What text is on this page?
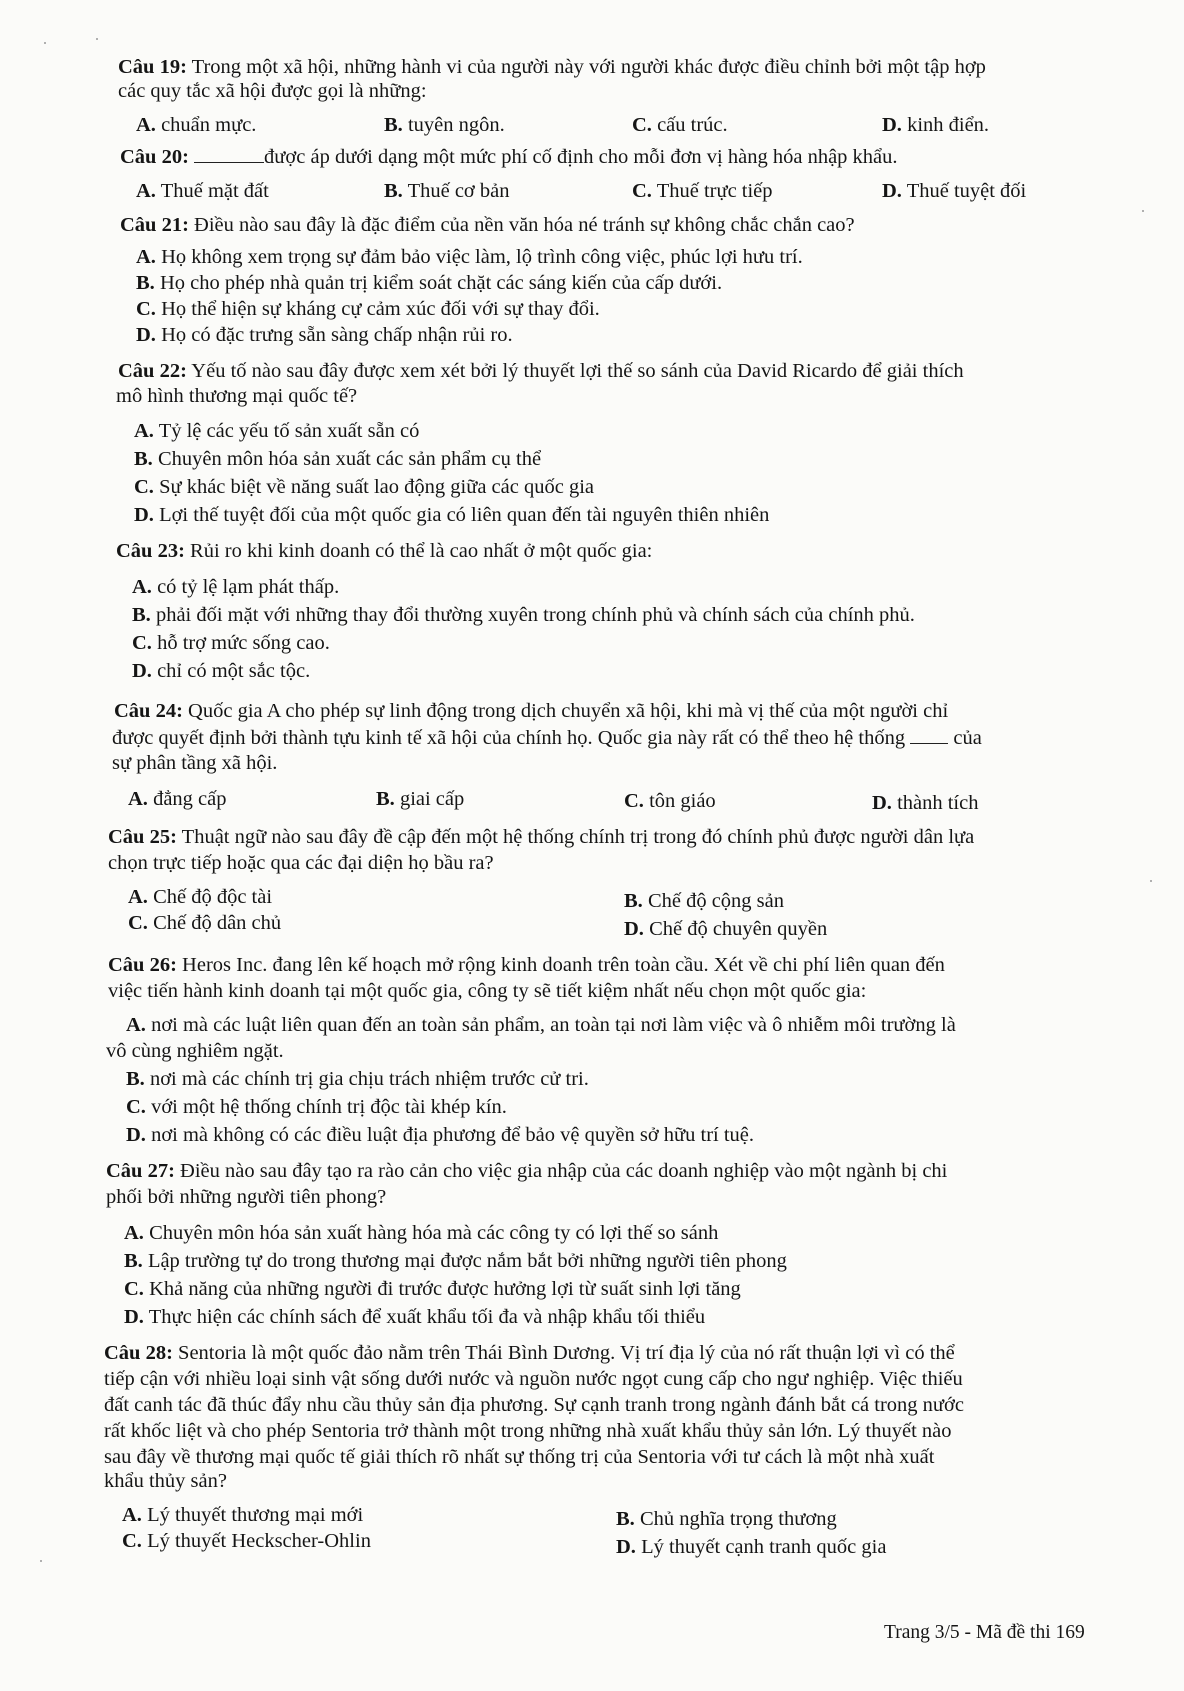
Câu 19: Trong một xã hội, những hành vi của người này với người khác được điều chỉnh bởi một tập hợp
các quy tắc xã hội được gọi là những:
A. chuẩn mực.	B. tuyên ngôn.	C. cấu trúc.	D. kinh điển.
Câu 20:	được áp dưới dạng một mức phí cố định cho mỗi đơn vị hàng hóa nhập khẩu.
A. Thuế mặt đất	B. Thuế cơ bản	C. Thuế trực tiếp	D. Thuế tuyệt đối
Câu 21: Điều nào sau đây là đặc điểm của nền văn hóa né tránh sự không chắc chắn cao?
A. Họ không xem trọng sự đảm bảo việc làm, lộ trình công việc, phúc lợi hưu trí.
B. Họ cho phép nhà quản trị kiểm soát chặt các sáng kiến của cấp dưới.
C. Họ thể hiện sự kháng cự cảm xúc đối với sự thay đổi.
D. Họ có đặc trưng sẵn sàng chấp nhận rủi ro.
Câu 22: Yếu tố nào sau đây được xem xét bởi lý thuyết lợi thế so sánh của David Ricardo để giải thích
mô hình thương mại quốc tế?
A. Tỷ lệ các yếu tố sản xuất sẵn có
B. Chuyên môn hóa sản xuất các sản phẩm cụ thể
C. Sự khác biệt về năng suất lao động giữa các quốc gia
D. Lợi thế tuyệt đối của một quốc gia có liên quan đến tài nguyên thiên nhiên
Câu 23: Rủi ro khi kinh doanh có thể là cao nhất ở một quốc gia:
A. có tỷ lệ lạm phát thấp.
B. phải đối mặt với những thay đổi thường xuyên trong chính phủ và chính sách của chính phủ.
C. hỗ trợ mức sống cao.
D. chỉ có một sắc tộc.
Câu 24: Quốc gia A cho phép sự linh động trong dịch chuyển xã hội, khi mà vị thế của một người chỉ
được quyết định bởi thành tựu kinh tế xã hội của chính họ. Quốc gia này rất có thể theo hệ thống của
sự phân tầng xã hội.
A. đẳng cấp	B. giai cấp	C. tôn giáo	D. thành tích
Câu 25: Thuật ngữ nào sau đây đề cập đến một hệ thống chính trị trong đó chính phủ được người dân lựa
chọn trực tiếp hoặc qua các đại diện họ bầu ra?
A. Chế độ độc tài	B. Chế độ cộng sản
C. Chế độ dân chủ	D. Chế độ chuyên quyền
Câu 26: Heros Inc. đang lên kế hoạch mở rộng kinh doanh trên toàn cầu. Xét về chi phí liên quan đến
việc tiến hành kinh doanh tại một quốc gia, công ty sẽ tiết kiệm nhất nếu chọn một quốc gia:
A. nơi mà các luật liên quan đến an toàn sản phẩm, an toàn tại nơi làm việc và ô nhiễm môi trường là
vô cùng nghiêm ngặt.
B. nơi mà các chính trị gia chịu trách nhiệm trước cử tri.
C. với một hệ thống chính trị độc tài khép kín.
D. nơi mà không có các điều luật địa phương để bảo vệ quyền sở hữu trí tuệ.
Câu 27: Điều nào sau đây tạo ra rào cản cho việc gia nhập của các doanh nghiệp vào một ngành bị chi
phối bởi những người tiên phong?
A. Chuyên môn hóa sản xuất hàng hóa mà các công ty có lợi thế so sánh
B. Lập trường tự do trong thương mại được nắm bắt bởi những người tiên phong
C. Khả năng của những người đi trước được hưởng lợi từ suất sinh lợi tăng
D. Thực hiện các chính sách để xuất khẩu tối đa và nhập khẩu tối thiểu
Câu 28: Sentoria là một quốc đảo nằm trên Thái Bình Dương. Vị trí địa lý của nó rất thuận lợi vì có thể
tiếp cận với nhiều loại sinh vật sống dưới nước và nguồn nước ngọt cung cấp cho ngư nghiệp. Việc thiếu
đất canh tác đã thúc đẩy nhu cầu thủy sản địa phương. Sự cạnh tranh trong ngành đánh bắt cá trong nước
rất khốc liệt và cho phép Sentoria trở thành một trong những nhà xuất khẩu thủy sản lớn. Lý thuyết nào
sau đây về thương mại quốc tế giải thích rõ nhất sự thống trị của Sentoria với tư cách là một nhà xuất
khẩu thủy sản?
A. Lý thuyết thương mại mới	B. Chủ nghĩa trọng thương
C. Lý thuyết Heckscher-Ohlin	D. Lý thuyết cạnh tranh quốc gia
Trang 3/5 - Mã đề thi 169
